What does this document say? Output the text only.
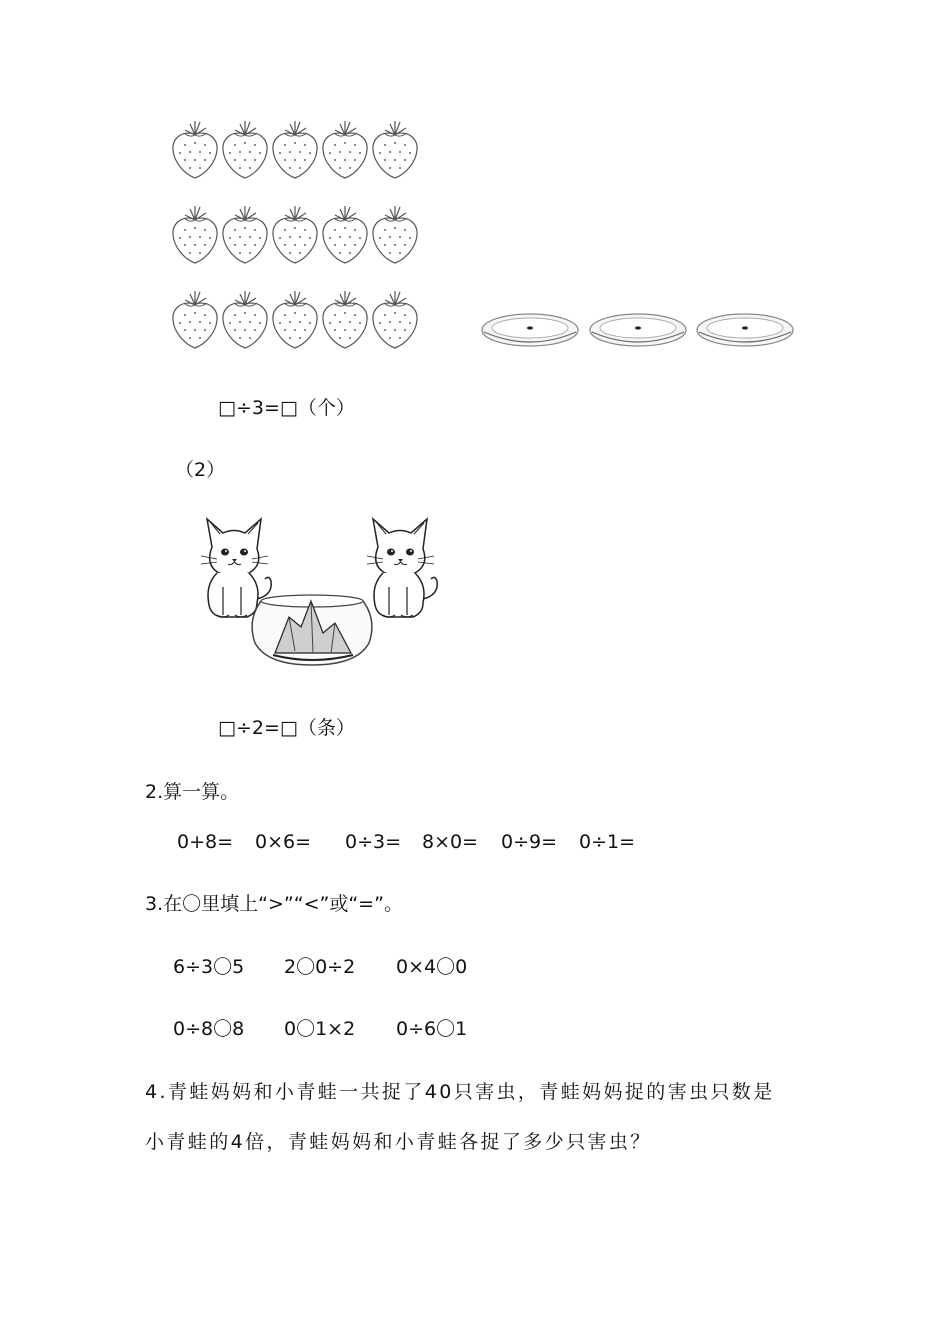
□÷3=□（个）
（2）
□÷2=□（条）
2.算一算。
0+8= 0×6= 0÷3= 8×0= 0÷9= 0÷1=
3.在〇里填上“>”“<”或“=”。
6÷3〇5 2〇0÷2 0×4〇0
0÷8〇8 0〇1×2 0÷6〇1
4.青蛙妈妈和小青蛙一共捉了40只害虫，青蛙妈妈捉的害虫只数是
小青蛙的4倍，青蛙妈妈和小青蛙各捉了多少只害虫？
